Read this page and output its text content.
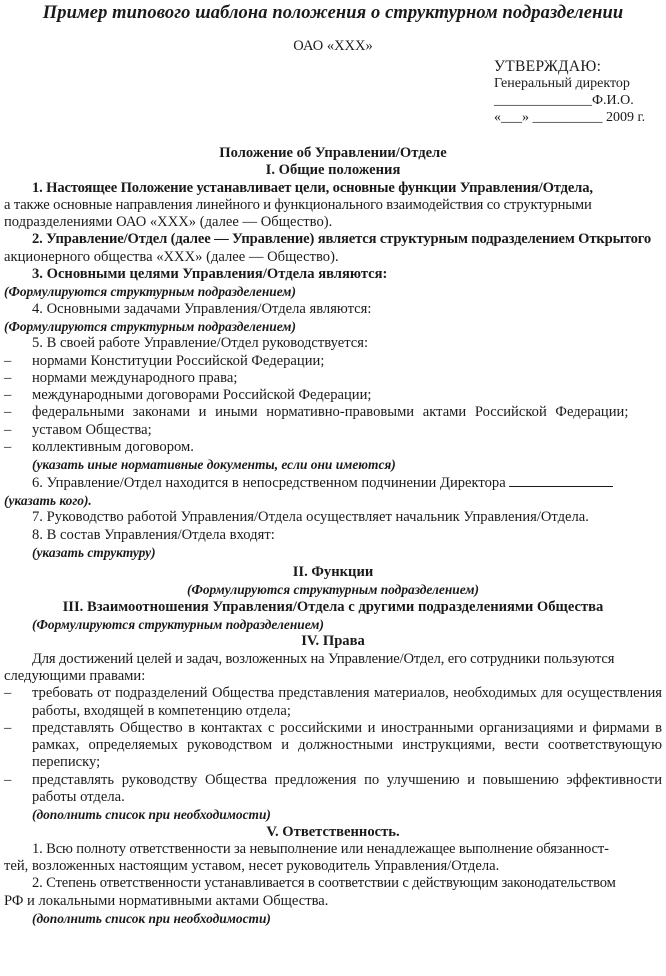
Пример типового шаблона положения о структурном подразделении
ОАО «ХХХ»
УТВЕРЖДАЮ:
Генеральный директор
______________Ф.И.О.
«___» __________ 2009 г.
Положение об Управлении/Отделе
I. Общие положения
1. Настоящее Положение устанавливает цели, основные функции Управления/Отдела,
а также основные направления линейного и функционального взаимодействия со структурными
подразделениями ОАО «ХХХ» (далее — Общество).
2. Управление/Отдел (далее — Управление) является структурным подразделением Открытого
акционерного общества «ХХХ» (далее — Общество).
3. Основными целями Управления/Отдела являются:
(Формулируются структурным подразделением)
4. Основными задачами Управления/Отдела являются:
(Формулируются структурным подразделением)
5. В своей работе Управление/Отдел руководствуется:
–	нормами Конституции Российской Федерации;
–	нормами международного права;
–	международными договорами Российской Федерации;
–	федеральными законами и иными нормативно-правовыми актами Российской Федерации;
–	уставом Общества;
–	коллективным договором.
(указать иные нормативные документы, если они имеются)
6. Управление/Отдел находится в непосредственном подчинении Директора
(указать кого).
7. Руководство работой Управления/Отдела осуществляет начальник Управления/Отдела.
8. В состав Управления/Отдела входят:
(указать структуру)
II. Функции
(Формулируются структурным подразделением)
III. Взаимоотношения Управления/Отдела с другими подразделениями Общества
(Формулируются структурным подразделением)
IV. Права
Для достижений целей и задач, возложенных на Управление/Отдел, его сотрудники пользуются
следующими правами:
–	требовать от подразделений Общества представления материалов, необходимых для осуществления работы, входящей в компетенцию отдела;
–	представлять Общество в контактах с российскими и иностранными организациями и фирмами в рамках, определяемых руководством и должностными инструкциями, вести соответствующую переписку;
–	представлять руководству Общества предложения по улучшению и повышению эффективности работы отдела.
(дополнить список при необходимости)
V. Ответственность.
1. Всю полноту ответственности за невыполнение или ненадлежащее выполнение обязанност-
тей, возложенных настоящим уставом, несет руководитель Управления/Отдела.
2. Степень ответственности устанавливается в соответствии с действующим законодательством
РФ и локальными нормативными актами Общества.
(дополнить список при необходимости)
